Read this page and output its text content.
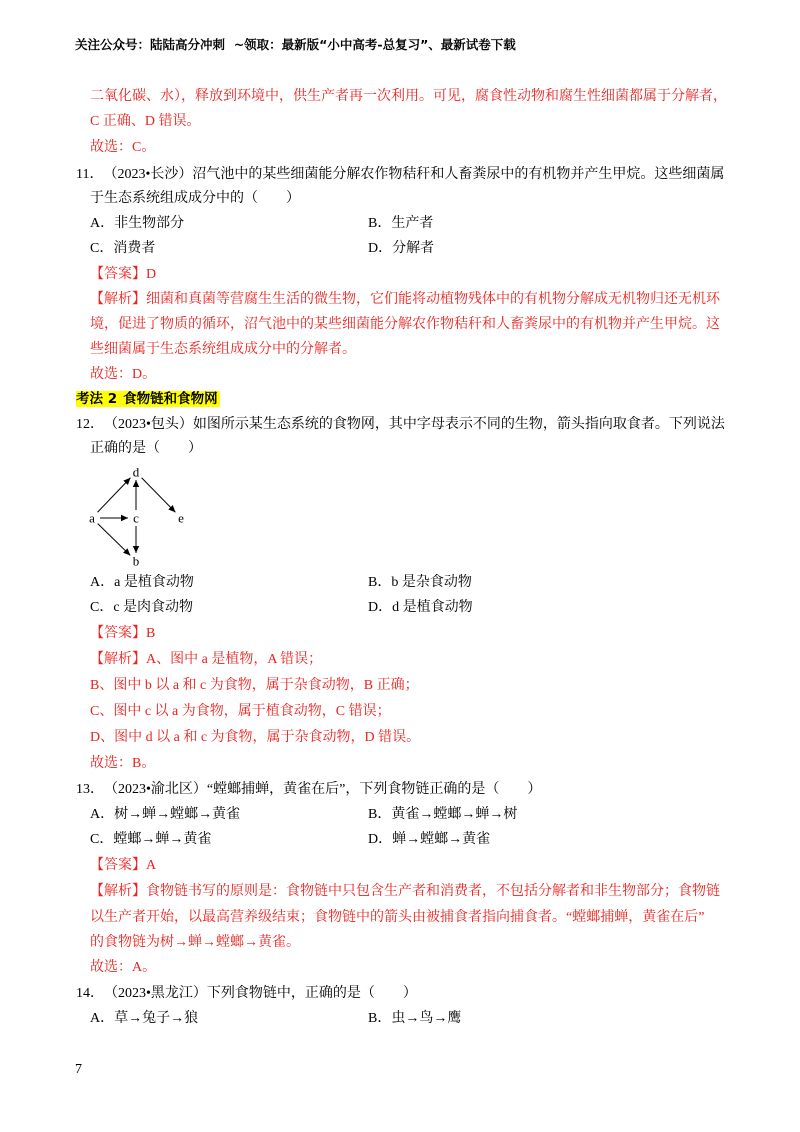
关注公众号：陆陆高分冲刺  ~领取：最新版“小中高考-总复习”、最新试卷下载
二氧化碳、水），释放到环境中，供生产者再一次利用。可见，腐食性动物和腐生性细菌都属于分解者，
C 正确、D 错误。
故选：C。
11．（2023•长沙）沼气池中的某些细菌能分解农作物秸秆和人畜粪尿中的有机物并产生甲烷。这些细菌属
于生态系统组成成分中的（　　）
A．非生物部分	B．生产者
C．消费者	D．分解者
【答案】D
【解析】细菌和真菌等营腐生生活的微生物，它们能将动植物残体中的有机物分解成无机物归还无机环
境，促进了物质的循环，沼气池中的某些细菌能分解农作物秸秆和人畜粪尿中的有机物并产生甲烷。这
些细菌属于生态系统组成成分中的分解者。
故选：D。
考法 2 食物链和食物网
12．（2023•包头）如图所示某生态系统的食物网，其中字母表示不同的生物，箭头指向取食者。下列说法
正确的是（　　）
d
a	c	e
b
A．a 是植食动物	B．b 是杂食动物
C．c 是肉食动物	D．d 是植食动物
【答案】B
【解析】A、图中 a 是植物，A 错误；
B、图中 b 以 a 和 c 为食物，属于杂食动物，B 正确；
C、图中 c 以 a 为食物，属于植食动物，C 错误；
D、图中 d 以 a 和 c 为食物，属于杂食动物，D 错误。
故选：B。
13．（2023•渝北区）“螳螂捕蝉，黄雀在后”，下列食物链正确的是（　　）
A．树→蝉→螳螂→黄雀	B．黄雀→螳螂→蝉→树
C．螳螂→蝉→黄雀	D．蝉→螳螂→黄雀
【答案】A
【解析】食物链书写的原则是：食物链中只包含生产者和消费者，不包括分解者和非生物部分；食物链
以生产者开始，以最高营养级结束；食物链中的箭头由被捕食者指向捕食者。“螳螂捕蝉，黄雀在后”
的食物链为树→蝉→螳螂→黄雀。
故选：A。
14．（2023•黑龙江）下列食物链中，正确的是（　　）
A．草→兔子→狼	B．虫→鸟→鹰
7
